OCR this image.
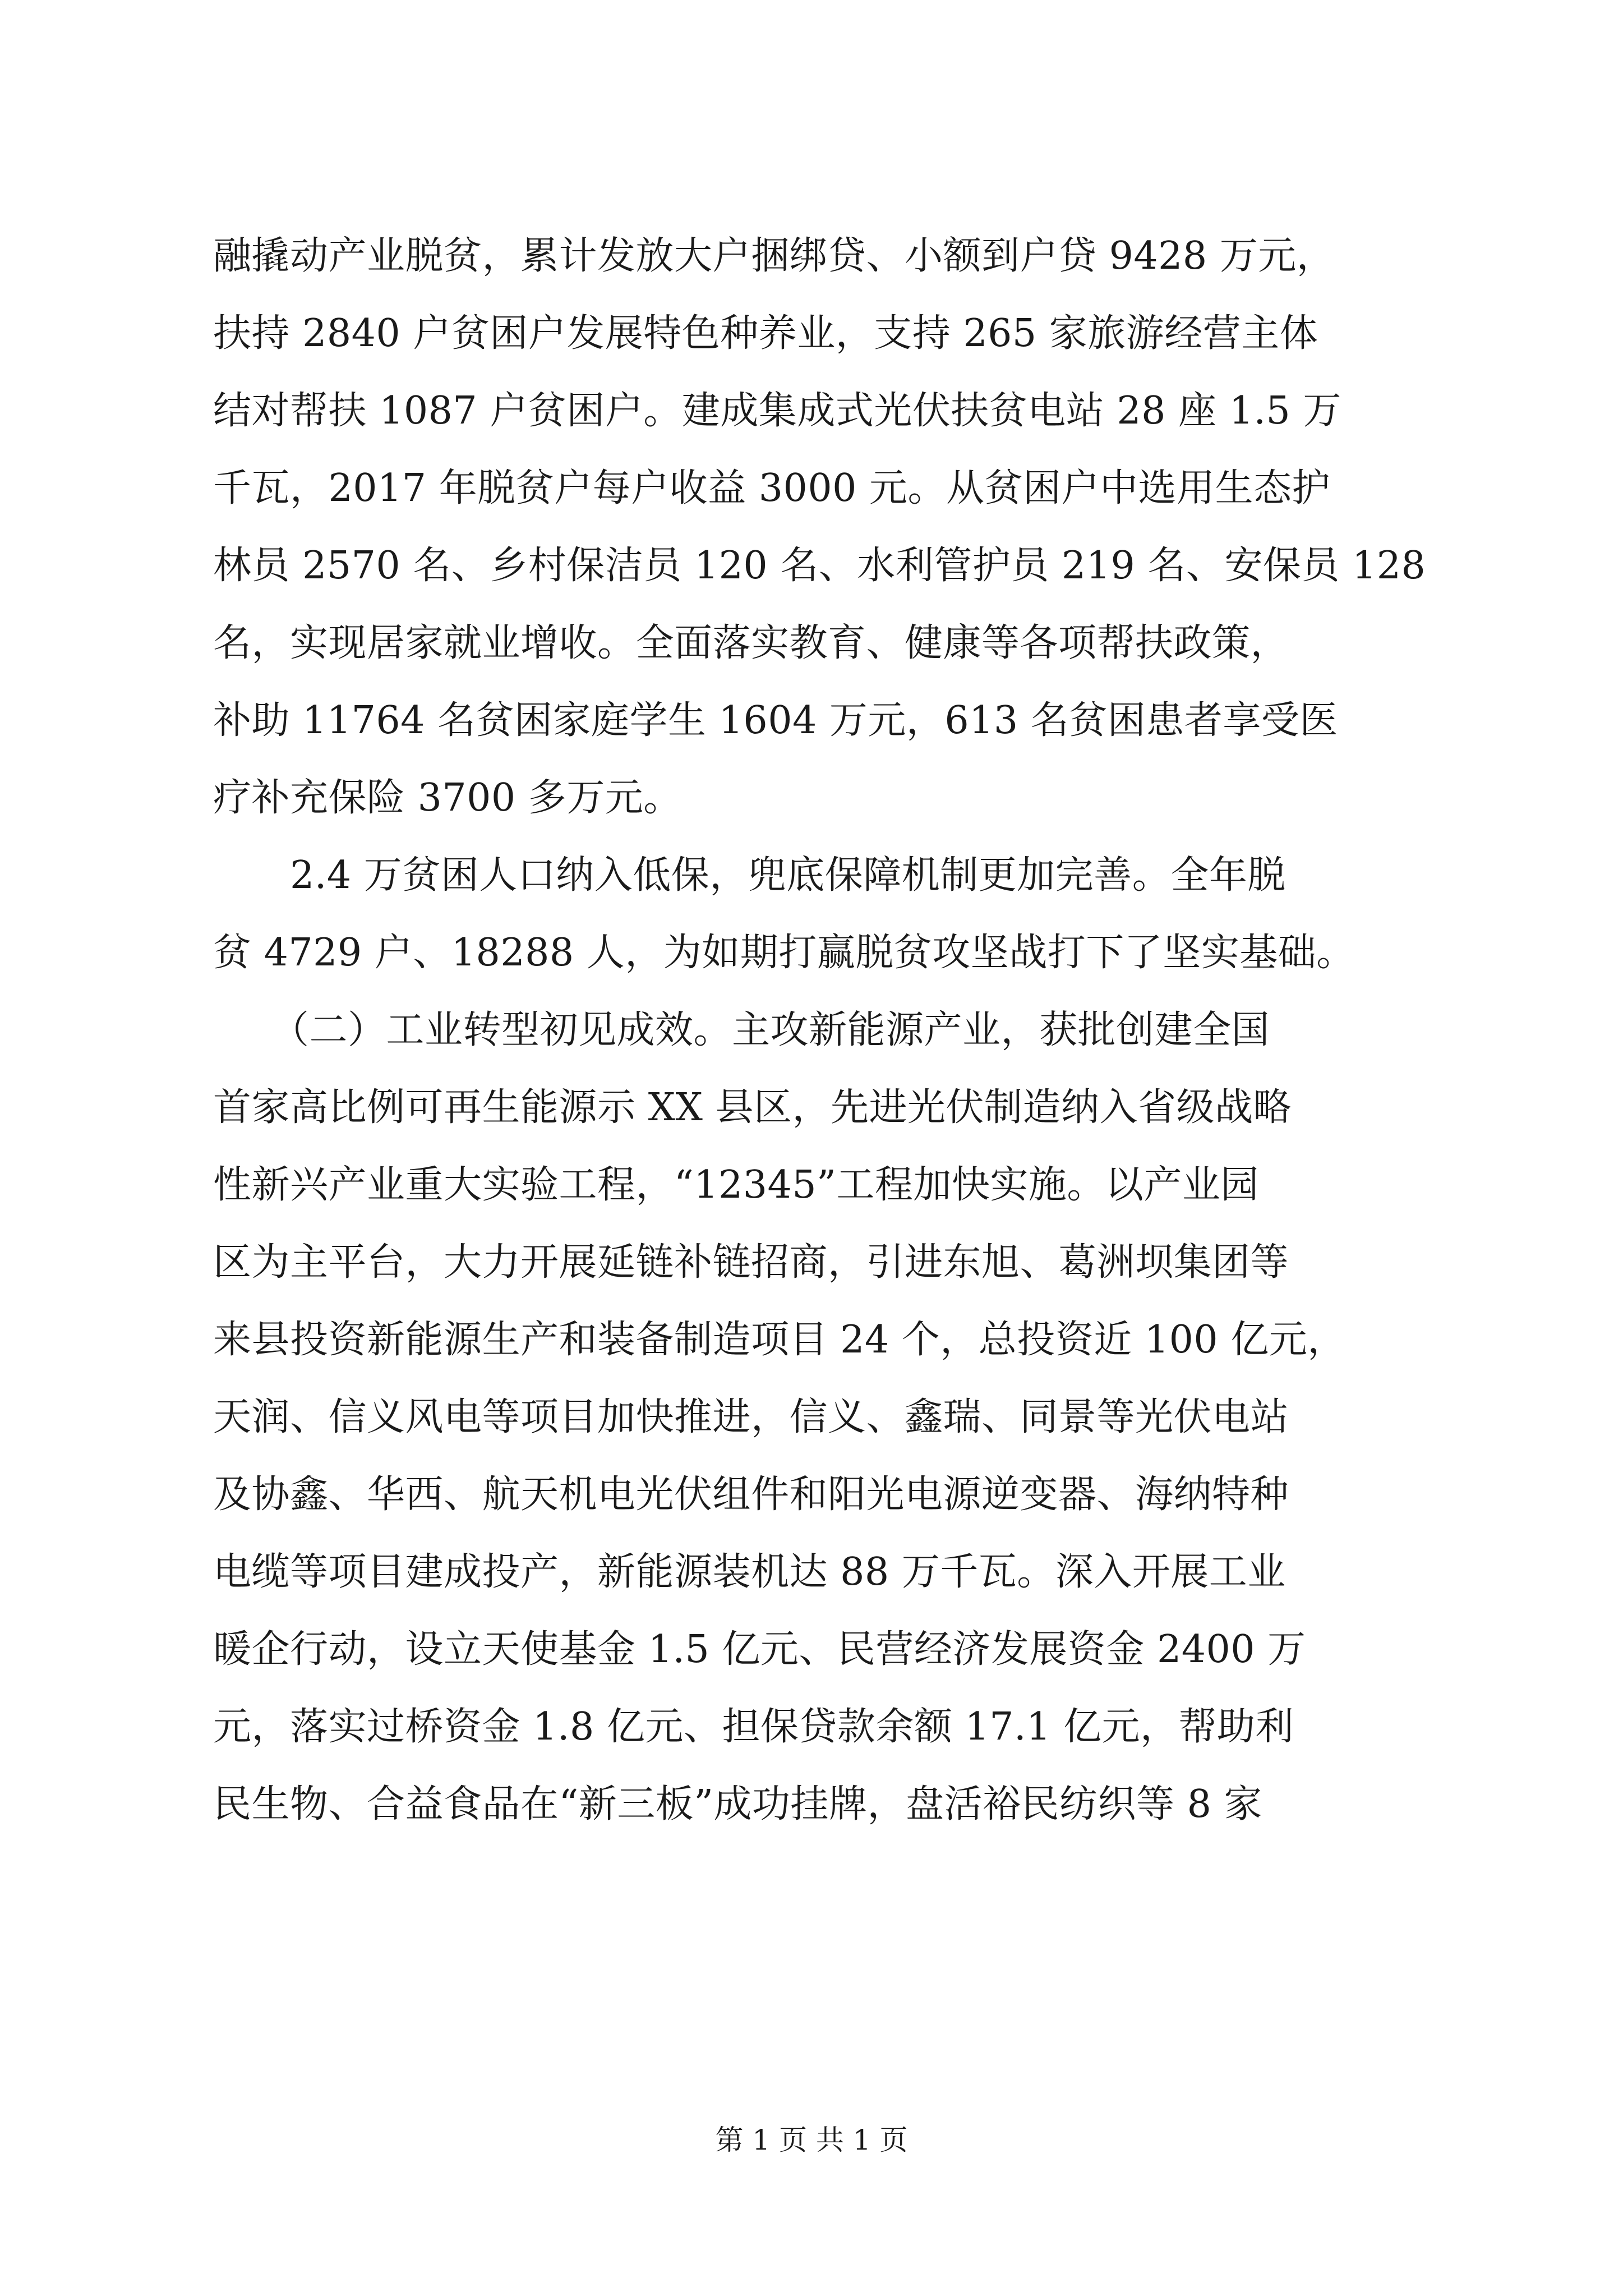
融撬动产业脱贫，累计发放大户捆绑贷、小额到户贷 9428 万元，
扶持 2840 户贫困户发展特色种养业，支持 265 家旅游经营主体
结对帮扶 1087 户贫困户。建成集成式光伏扶贫电站 28 座 1.5 万
千瓦，2017 年脱贫户每户收益 3000 元。从贫困户中选用生态护
林员 2570 名、乡村保洁员 120 名、水利管护员 219 名、安保员 128
名，实现居家就业增收。全面落实教育、健康等各项帮扶政策，
补助 11764 名贫困家庭学生 1604 万元，613 名贫困患者享受医
疗补充保险 3700 多万元。
　　2.4 万贫困人口纳入低保，兜底保障机制更加完善。全年脱
贫 4729 户、18288 人，为如期打赢脱贫攻坚战打下了坚实基础。
　　（二）工业转型初见成效。主攻新能源产业，获批创建全国
首家高比例可再生能源示 XX 县区，先进光伏制造纳入省级战略
性新兴产业重大实验工程，“12345”工程加快实施。以产业园
区为主平台，大力开展延链补链招商，引进东旭、葛洲坝集团等
来县投资新能源生产和装备制造项目 24 个，总投资近 100 亿元，
天润、信义风电等项目加快推进，信义、鑫瑞、同景等光伏电站
及协鑫、华西、航天机电光伏组件和阳光电源逆变器、海纳特种
电缆等项目建成投产，新能源装机达 88 万千瓦。深入开展工业
暖企行动，设立天使基金 1.5 亿元、民营经济发展资金 2400 万
元，落实过桥资金 1.8 亿元、担保贷款余额 17.1 亿元，帮助利
民生物、合益食品在“新三板”成功挂牌，盘活裕民纺织等 8 家
第 1 页 共 1 页
